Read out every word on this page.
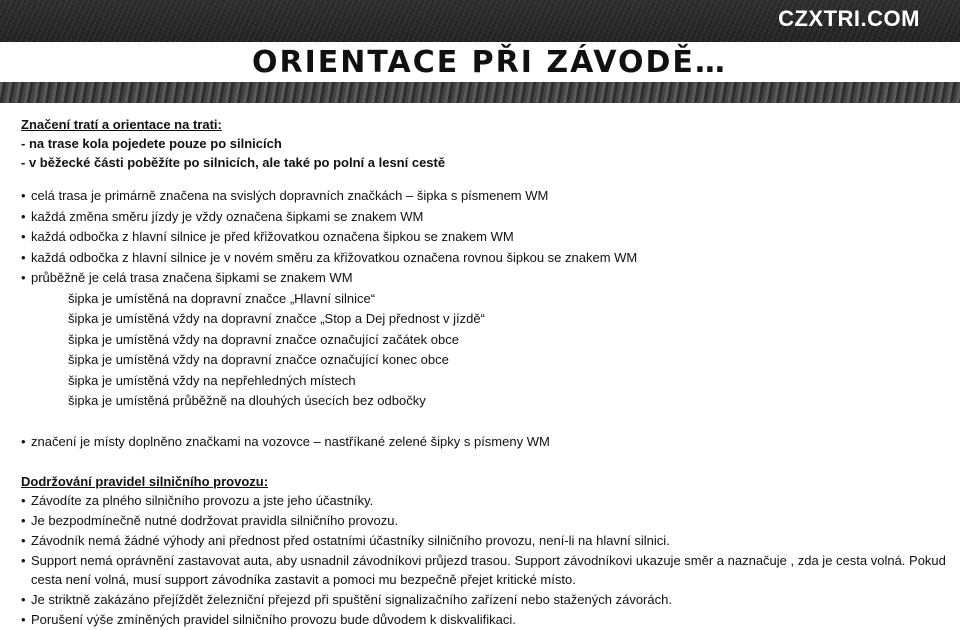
CZXTRI.COM
ORIENTACE PŘI ZÁVODĚ…
Značení tratí a orientace na trati:
- na trase kola pojedete pouze po silnicích
- v běžecké části poběžíte po silnicích, ale také po polní a lesní cestě
• celá trasa je primárně značena na svislých dopravních značkách – šipka s písmenem WM
• každá změna směru jízdy je vždy označena šipkami se znakem WM
• každá odbočka z hlavní silnice je před křižovatkou označena šipkou se znakem WM
• každá odbočka z hlavní silnice je v novém směru za křižovatkou označena rovnou šipkou se znakem WM
• průběžně je celá trasa značena šipkami se znakem WM
šipka je umístěná na dopravní značce „Hlavní silnice“
šipka je umístěná vždy na dopravní značce „Stop a Dej přednost v jízdě“
šipka je umístěná vždy na dopravní značce označující začátek obce
šipka je umístěná vždy na dopravní značce označující konec obce
šipka je umístěná vždy na nepřehledných místech
šipka je umístěná průběžně na dlouhých úsecích bez odbočky
• značení je místy doplněno značkami na vozovce – nastříkané zelené šipky s písmeny WM
Dodržování pravidel silničního provozu:
• Závodíte za plného silničního provozu a jste jeho účastníky.
• Je bezpodmínečně nutné dodržovat pravidla silničního provozu.
• Závodník nemá žádné výhody ani přednost před ostatními účastníky silničního provozu, není-li na hlavní silnici.
• Support nemá oprávnění zastavovat auta, aby usnadnil závodníkovi průjezd trasou. Support závodníkovi ukazuje směr a naznačuje , zda je cesta volná. Pokud cesta není volná, musí support závodníka zastavit a pomoci mu bezpečně přejet kritické místo.
• Je striktně zakázáno přejíždět železniční přejezd při spuštění signalizačního zařízení nebo stažených závorách.
• Porušení výše zmíněných pravidel silničního provozu bude důvodem k diskvalifikaci.
